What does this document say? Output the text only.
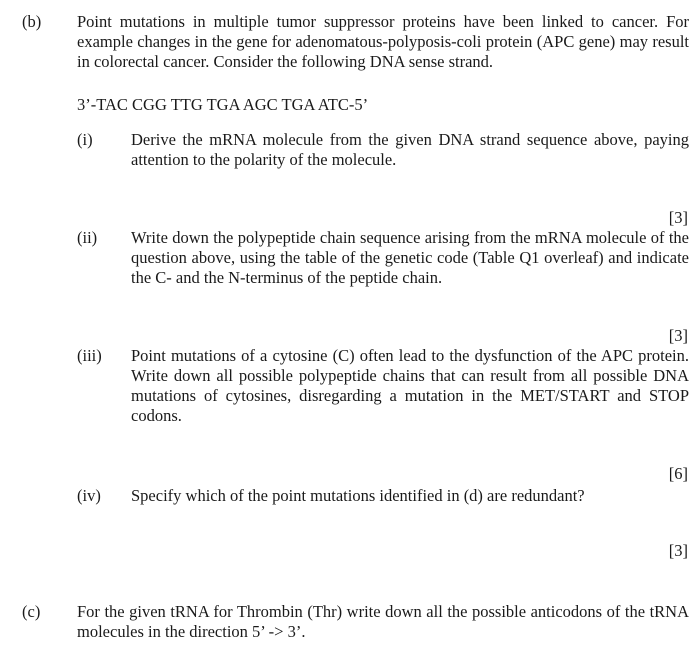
(b) Point mutations in multiple tumor suppressor proteins have been linked to cancer. For example changes in the gene for adenomatous-polyposis-coli protein (APC gene) may result in colorectal cancer. Consider the following DNA sense strand.

3’-TAC CGG TTG TGA AGC TGA ATC-5’

(i) Derive the mRNA molecule from the given DNA strand sequence above, paying attention to the polarity of the molecule.

[3]

(ii) Write down the polypeptide chain sequence arising from the mRNA molecule of the question above, using the table of the genetic code (Table Q1 overleaf) and indicate the C- and the N-terminus of the peptide chain.

[3]

(iii) Point mutations of a cytosine (C) often lead to the dysfunction of the APC protein. Write down all possible polypeptide chains that can result from all possible DNA mutations of cytosines, disregarding a mutation in the MET/START and STOP codons.

[6]

(iv) Specify which of the point mutations identified in (d) are redundant?

[3]

(c) For the given tRNA for Thrombin (Thr) write down all the possible anticodons of the tRNA molecules in the direction 5’ -> 3’.
